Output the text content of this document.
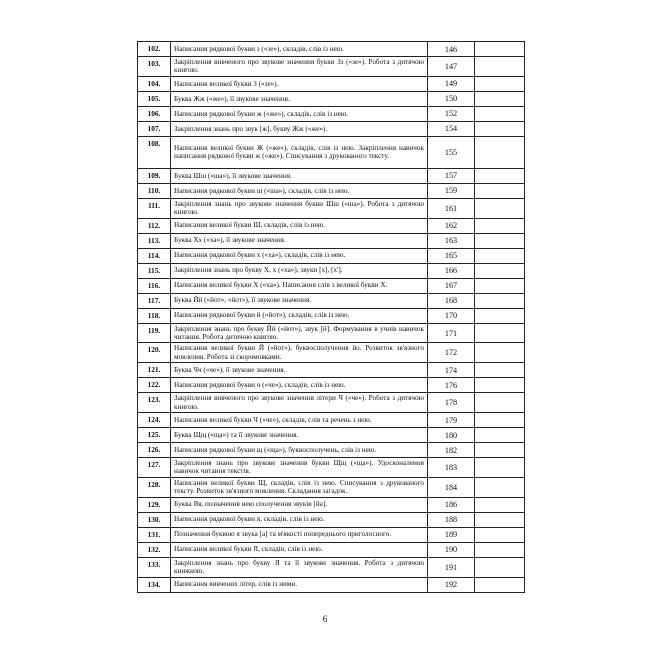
102.	Написання рядкової букви з («зе»), складів, слів із нею.	146	
103.	Закріплення вивченого про звукове значення букви Зз («зе»). Робота з дитячою книгою.	147	
104.	Написання великої букви З («зе»).	149	
105.	Буква Жж («же»), її звукове значення.	150	
106.	Написання рядкової букви ж («же»), складів, слів із нею.	152	
107.	Закріплення знань про звук [ж], букву Жж («же»).	154	
108.	Написання великої букви Ж («же»), складів, слів із нею. Закріплення навичок написання рядкової букви ж («же»). Списування з друкованого тексту.	155	
109.	Буква Шш («ша»), її звукове значення.	157	
110.	Написання рядкової букви ш («ша»), складів, слів із нею.	159	
111.	Закріплення знань про звукове значення букви Шш («ша»). Робота з дитячою книгою.	161	
112.	Написання великої букви Ш, складів, слів із нею.	162	
113.	Буква Хх («ха»), її звукове значення.	163	
114.	Написання рядкової букви х («ха»), складів, слів із нею.	165	
115.	Закріплення знань про букву Х, х («ха»), звуки [х], [х'].	166	
116.	Написання великої букви Х («ха»). Написання слів з великої букви Х.	167	
117.	Буква Йй («йот», «йот»), її звукове значення.	168	
118.	Написання рядкової букви й («йот»), складів, слів із нею.	170	
119.	Закріплення знань про букву Йй («йот»), звук [й]. Формування в учнів навичок читання. Робота дитячою книгою.	171	
120.	Написання великої букви Й («йот»), буквосполучення йо. Розвиток зв'язного мовлення. Робота зі скоромовками.	172	
121.	Буква Чч («че»), її звукове значення.	174	
122.	Написання рядкової букви ч («че»), складів, слів із нею.	176	
123.	Закріплення вивченого про звукове значення літери Ч («че»). Робота з дитячою книгою.	178	
124.	Написання великої букви Ч («че»), складів, слів та речень з нею.	179	
125.	Буква Щщ («ща») та її звукове значення.	180	
126.	Написання рядкової букви щ («ща»), буквосполучень, слів із нею.	182	
127.	Закріплення знань про звукове значення букви Щщ («ща»). Удосконалення навичок читання текстів.	183	
128.	Написання великої букви Щ, складів, слів із нею. Списування з друкованого тексту. Розвиток зв'язного мовлення. Складання загадок.	184	
129.	Буква Яя, позначення нею сполучення звуків [йа].	186	
130.	Написання рядкової букви я, складів, слів із нею.	188	
131.	Позначення буквою я звука [а] та м'якості попереднього приголосного.	189	
132.	Написання великої букви Я, складів, слів із нею.	190	
133.	Закріплення знань про букву Я та її звукове значення. Робота з дитячою книжкою.	191	
134.	Написання вивчених літер, слів із ними.	192	
6
